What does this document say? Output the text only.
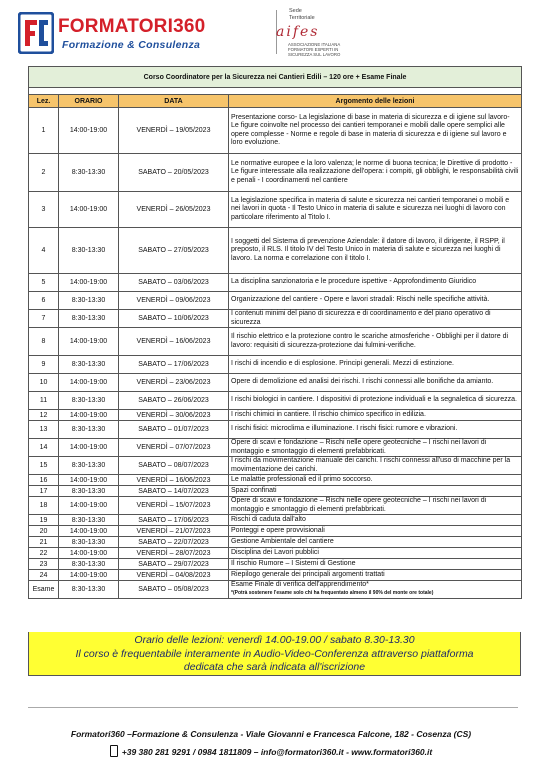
FORMATORI360
Formazione & Consulenza
Sede
Territoriale
aifes
ASSOCIAZIONE ITALIANA FORMATORI ESPERTI IN SICUREZZA SUL LAVORO
Corso Coordinatore per la Sicurezza nei Cantieri Edili – 120 ore + Esame Finale			

Lez.	ORARIO	DATA	Argomento delle lezioni
1	14:00-19:00	VENERDÌ – 19/05/2023	Presentazione corso- La legislazione di base in materia di sicurezza e di igiene sul lavoro- Le figure coinvolte nel processo dei cantieri temporanei e mobili dalle opere semplici alle opere complesse - Norme e regole di base in materia di sicurezza e di igiene sul lavoro e loro evoluzione.
2	8:30-13:30	SABATO – 20/05/2023	Le normative europee e la loro valenza; le norme di buona tecnica; le Direttive di prodotto - Le figure interessate alla realizzazione dell'opera: i compiti, gli obblighi, le responsabilità civili e penali - I coordinamenti nel cantiere
3	14:00-19:00	VENERDÌ – 26/05/2023	La legislazione specifica in materia di salute e sicurezza nei cantieri temporanei o mobili e nei lavori in quota - Il Testo Unico in materia di salute e sicurezza nei luoghi di lavoro con particolare riferimento al Titolo I.
4	8:30-13:30	SABATO – 27/05/2023	I soggetti del Sistema di prevenzione Aziendale: il datore di lavoro, il dirigente, il RSPP, il preposto, il RLS. Il titolo IV del Testo Unico in materia di salute e sicurezza nei luoghi di lavoro. La norma e correlazione con il titolo I.
5	14:00-19:00	SABATO – 03/06/2023	La disciplina sanzionatoria e le procedure ispettive - Approfondimento Giuridico
6	8:30-13:30	VENERDÌ – 09/06/2023	Organizzazione del cantiere - Opere e lavori stradali: Rischi nelle specifiche attività.
7	8:30-13:30	SABATO – 10/06/2023	I contenuti minimi del piano di sicurezza e di coordinamento e del piano operativo di sicurezza
8	14:00-19:00	VENERDÌ – 16/06/2023	Il rischio elettrico e la protezione contro le scariche atmosferiche - Obblighi per il datore di lavoro: requisiti di sicurezza-protezione dai fulmini-verifiche.
9	8:30-13:30	SABATO – 17/06/2023	I rischi di incendio e di esplosione. Principi generali. Mezzi di estinzione.
10	14:00-19:00	VENERDÌ – 23/06/2023	Opere di demolizione ed analisi dei rischi. I rischi connessi alle bonifiche da amianto.
11	8:30-13:30	SABATO – 26/06/2023	I rischi biologici in cantiere. I dispositivi di protezione individuali e la segnaletica di sicurezza.
12	14:00-19:00	VENERDÌ – 30/06/2023	I rischi chimici in cantiere. Il rischio chimico specifico in edilizia.
13	8:30-13:30	SABATO – 01/07/2023	I rischi fisici: microclima e illuminazione. I rischi fisici: rumore e vibrazioni.
14	14:00-19:00	VENERDÌ – 07/07/2023	Opere di scavi e fondazione – Rischi nelle opere geotecniche – I rischi nei lavori di montaggio e smontaggio di elementi prefabbricati.
15	8:30-13:30	SABATO – 08/07/2023	I rischi da movimentazione manuale dei carichi. I rischi connessi all'uso di macchine per la movimentazione dei carichi.
16	14:00-19:00	VENERDÌ – 16/06/2023	Le malattie professionali ed il primo soccorso.
17	8:30-13:30	SABATO – 14/07/2023	Spazi confinati
18	14:00-19:00	VENERDÌ – 15/07/2023	Opere di scavi e fondazione – Rischi nelle opere geotecniche – I rischi nei lavori di montaggio e smontaggio di elementi prefabbricati.
19	8:30-13:30	SABATO – 17/06/2023	Rischi di caduta dall'alto
20	14:00-19:00	VENERDÌ – 21/07/2023	Ponteggi e opere provvisionali
21	8:30-13:30	SABATO – 22/07/2023	Gestione Ambientale del cantiere
22	14:00-19:00	VENERDÌ – 28/07/2023	Disciplina dei Lavori pubblici
23	8:30-13:30	SABATO – 29/07/2023	Il rischio Rumore – I Sistemi di Gestione
24	14:00-19:00	VENERDÌ – 04/08/2023	Riepilogo generale dei principali argomenti trattati
Esame	8:30-13:30	SABATO – 05/08/2023	Esame Finale di verifica dell'apprendimento*
*(Potrà sostenere l'esame solo chi ha frequentato almeno il 90% del monte ore totale)
Orario delle lezioni: venerdì 14.00-19.00 / sabato 8.30-13.30
Il corso è frequentabile interamente in Audio-Video-Conferenza attraverso piattaforma
dedicata che sarà indicata all'iscrizione
Formatori360 –Formazione & Consulenza - Viale Giovanni e Francesca Falcone, 182 - Cosenza (CS)
+39 380 281 9291 / 0984 1811809 – info@formatori360.it - www.formatori360.it
